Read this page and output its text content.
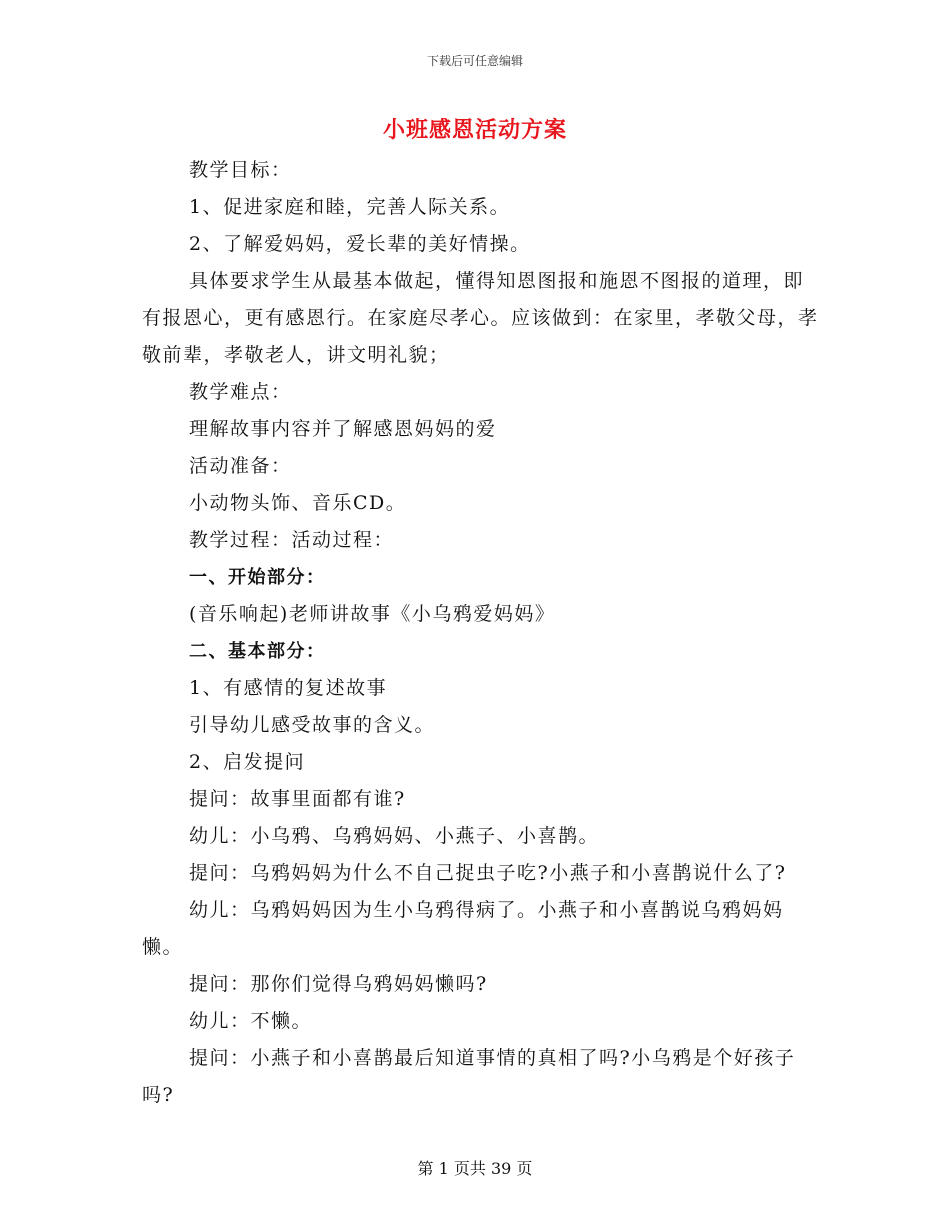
下载后可任意编辑
小班感恩活动方案

教学目标：

1、促进家庭和睦，完善人际关系。

2、了解爱妈妈，爱长辈的美好情操。

具体要求学生从最基本做起，懂得知恩图报和施恩不图报的道理，即有报恩心，更有感恩行。在家庭尽孝心。应该做到：在家里，孝敬父母，孝敬前辈，孝敬老人，讲文明礼貌；

教学难点：

理解故事内容并了解感恩妈妈的爱

活动准备：

小动物头饰、音乐CD。

教学过程：活动过程：

一、开始部分：

(音乐响起)老师讲故事《小乌鸦爱妈妈》

二、基本部分：

1、有感情的复述故事

引导幼儿感受故事的含义。

2、启发提问

提问：故事里面都有谁?

幼儿：小乌鸦、乌鸦妈妈、小燕子、小喜鹊。

提问：乌鸦妈妈为什么不自己捉虫子吃?小燕子和小喜鹊说什么了?

幼儿：乌鸦妈妈因为生小乌鸦得病了。小燕子和小喜鹊说乌鸦妈妈懒。

提问：那你们觉得乌鸦妈妈懒吗?

幼儿：不懒。

提问：小燕子和小喜鹊最后知道事情的真相了吗?小乌鸦是个好孩子吗?

第 1 页共 39 页
